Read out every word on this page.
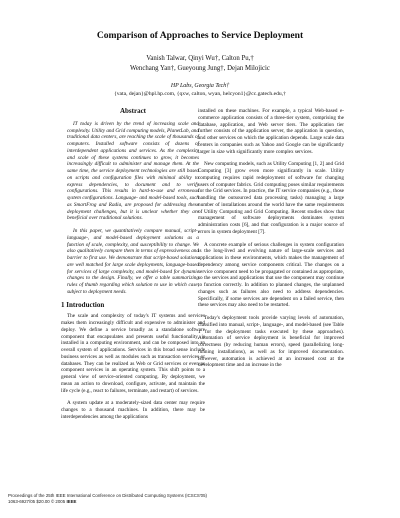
Comparison of Approaches to Service Deployment
Vanish Talwar, Qinyi Wu†, Calton Pu,†
Wenchang Yan†, Gueyoung Jung†, Dejan Milojicic
HP Labs, Georgia Tech†
{vata, dejan}@hpl.hp.com, {qxw, calton, wyan, helcyon1}@cc.gatech.edu,†
Abstract

IT today is driven by the trend of increasing scale and complexity. Utility and Grid computing models, PlanetLab, and traditional data centers, are reaching the scale of thousands of computers. Installed software consists of dozens of interdependent applications and services. As the complexity and scale of these systems continues to grow, it becomes increasingly difficult to administer and manage them. At the same time, the service deployment technologies are still based on scripts and configuration files with minimal ability to express dependencies, to document and to verify configurations. This results in hard-to-use and erroneous system configurations. Language- and model-based tools, such as SmartFrog and Radia, are proposed for addressing these deployment challenges, but it is unclear whether they are beneficial over traditional solutions.

In this paper, we quantitatively compare manual, script-, language-, and model-based deployment solutions as a function of scale, complexity, and susceptibility to change. We also qualitatively compare them in terms of expressiveness and barrier to first use. We demonstrate that script-based solutions are well matched for large scale deployments, language-based for services of large complexity, and model-based for dynamic changes to the design. Finally, we offer a table summarizing rules of thumb regarding which solution to use in which case, subject to deployment needs.

1 Introduction

The scale and complexity of today's IT systems and services makes them increasingly difficult and expensive to administer and deploy. We define a service broadly as a standalone software component that encapsulates and presents useful functionality, is installed in a computing environment, and can be composed into an overall system of applications. Services in this broad sense include business services as well as modules such as transaction services or databases. They can be realized as Web or Grid services or even as component services in an operating system. This shift points to a general view of service-oriented computing. By deployment, we mean an action to download, configure, activate, and maintain the life cycle (e.g., react to failures, terminate, and restart) of services.

A system update at a moderately-sized data center may require changes to a thousand machines. In addition, there may be interdependencies among the applications

installed on these machines. For example, a typical Web-based e-commerce application consists of a three-tier system, comprising the database, application, and Web server tiers. The application tier further consists of the application server, the application in question, and other services on which the application depends. Large scale data centers in companies such as Yahoo and Google can be significantly larger in size with significantly more complex services.

New computing models, such as Utility Computing [1, 2] and Grid Computing [3] grow even more significantly in scale. Utility computing requires rapid redeployment of software for changing users of computer fabrics. Grid computing poses similar requirements for the Grid services. In practice, the IT service companies (e.g., those handling the outsourced data processing tasks) managing a large number of installations around the world have the same requirements of Utility Computing and Grid Computing. Recent studies show that management of software deployments dominates system administration costs [6], and that configuration is a major source of errors in system deployment [7].

A concrete example of serious challenges in system configuration is the long-lived and evolving nature of large-scale services and applications in these environments, which makes the management of dependency among service components critical. The changes on a service component need to be propagated or contained as appropriate, so the services and applications that use the component may continue to function correctly. In addition to planned changes, the unplanned changes such as failures also need to address dependencies. Specifically, if some services are dependent on a failed service, then these services may also need to be restarted.

Today's deployment tools provide varying levels of automation, classified into manual, script-, language-, and model-based (see Table 1 for the deployment tasks executed by these approaches). Automation of service deployment is beneficial for improved correctness (by reducing human errors), speed (parallelizing long-running installations), as well as for improved documentation. However, automation is achieved at an increased cost at the development time and an increase in the

Proceedings of the 25th IEEE International Conference on Distributed Computing Systems (ICSCS'05)
1063-6927/05 $20.00 © 2005 IEEE
